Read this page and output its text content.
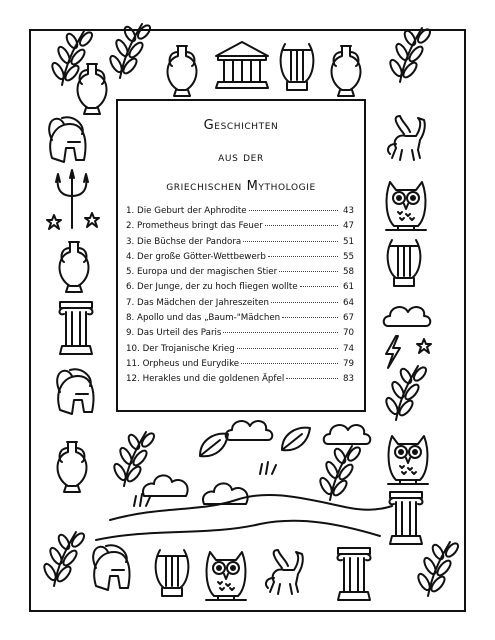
Geschichten
aus der
griechischen Mythologie
1. Die Geburt der Aphrodite	43
2. Prometheus bringt das Feuer	47
3. Die Büchse der Pandora	51
4. Der große Götter-Wettbewerb	55
5. Europa und der magischen Stier	58
6. Der Junge, der zu hoch fliegen wollte	61
7. Das Mädchen der Jahreszeiten	64
8. Apollo und das „Baum-"Mädchen	67
9. Das Urteil des Paris	70
10. Der Trojanische Krieg	74
11. Orpheus und Eurydike	79
12. Herakles und die goldenen Äpfel	83
